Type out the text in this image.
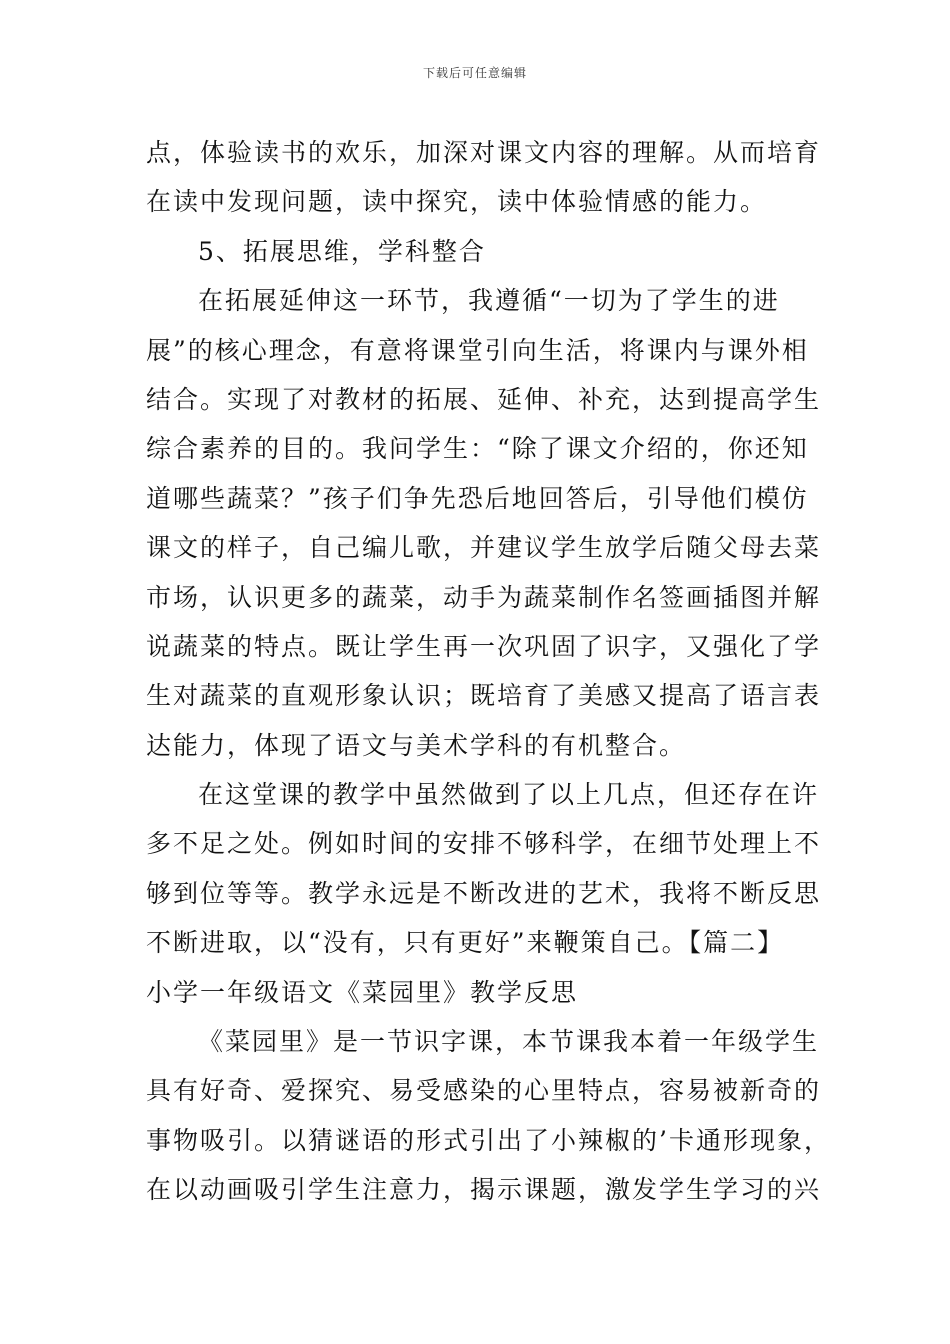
下载后可任意编辑
点，体验读书的欢乐，加深对课文内容的理解。从而培育
在读中发现问题，读中探究，读中体验情感的能力。
5、拓展思维，学科整合
在拓展延伸这一环节，我遵循“一切为了学生的进
展”的核心理念，有意将课堂引向生活，将课内与课外相
结合。实现了对教材的拓展、延伸、补充，达到提高学生
综合素养的目的。我问学生：“除了课文介绍的，你还知
道哪些蔬菜？”孩子们争先恐后地回答后，引导他们模仿
课文的样子，自己编儿歌，并建议学生放学后随父母去菜
市场，认识更多的蔬菜，动手为蔬菜制作名签画插图并解
说蔬菜的特点。既让学生再一次巩固了识字，又强化了学
生对蔬菜的直观形象认识；既培育了美感又提高了语言表
达能力，体现了语文与美术学科的有机整合。
在这堂课的教学中虽然做到了以上几点，但还存在许
多不足之处。例如时间的安排不够科学，在细节处理上不
够到位等等。教学永远是不断改进的艺术，我将不断反思
不断进取，以“没有，只有更好”来鞭策自己。【篇二】
小学一年级语文《菜园里》教学反思
《菜园里》是一节识字课，本节课我本着一年级学生
具有好奇、爱探究、易受感染的心里特点，容易被新奇的
事物吸引。以猜谜语的形式引出了小辣椒的’卡通形现象，
在以动画吸引学生注意力，揭示课题，激发学生学习的兴
